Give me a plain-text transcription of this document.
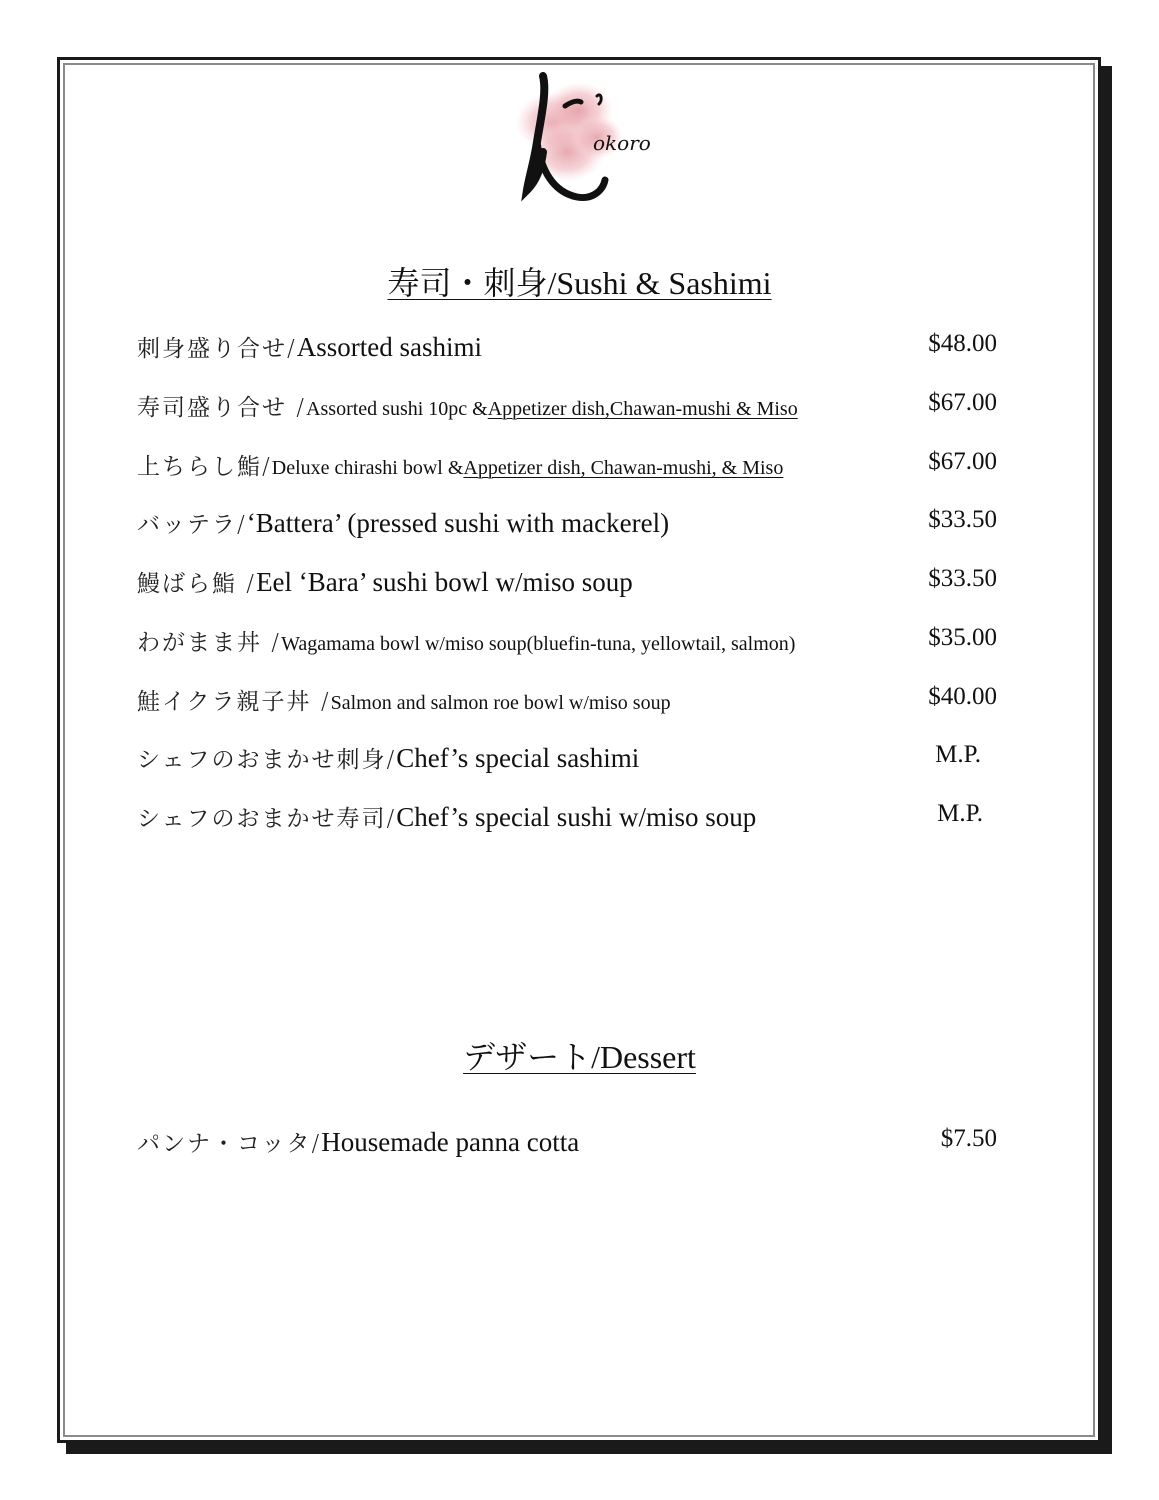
okoro
寿司・刺身/Sushi & Sashimi
刺身盛り合せ/ Assorted sashimi	$48.00
寿司盛り合せ / Assorted sushi 10pc & Appetizer dish,Chawan-mushi & Miso	$67.00
上ちらし鮨/ Deluxe chirashi bowl & Appetizer dish, Chawan-mushi, & Miso	$67.00
バッテラ/ ‘Battera’ (pressed sushi with mackerel)	$33.50
鰻ばら鮨 / Eel ‘Bara’ sushi bowl w/miso soup	$33.50
わがまま丼 / Wagamama bowl w/miso soup(bluefin-tuna, yellowtail, salmon)	$35.00
鮭イクラ親子丼 / Salmon and salmon roe bowl w/miso soup	$40.00
シェフのおまかせ刺身/ Chef’s special sashimi	M.P.
シェフのおまかせ寿司/ Chef’s special sushi w/miso soup	M.P.
デザート/Dessert
パンナ・コッタ/ Housemade panna cotta	$7.50
